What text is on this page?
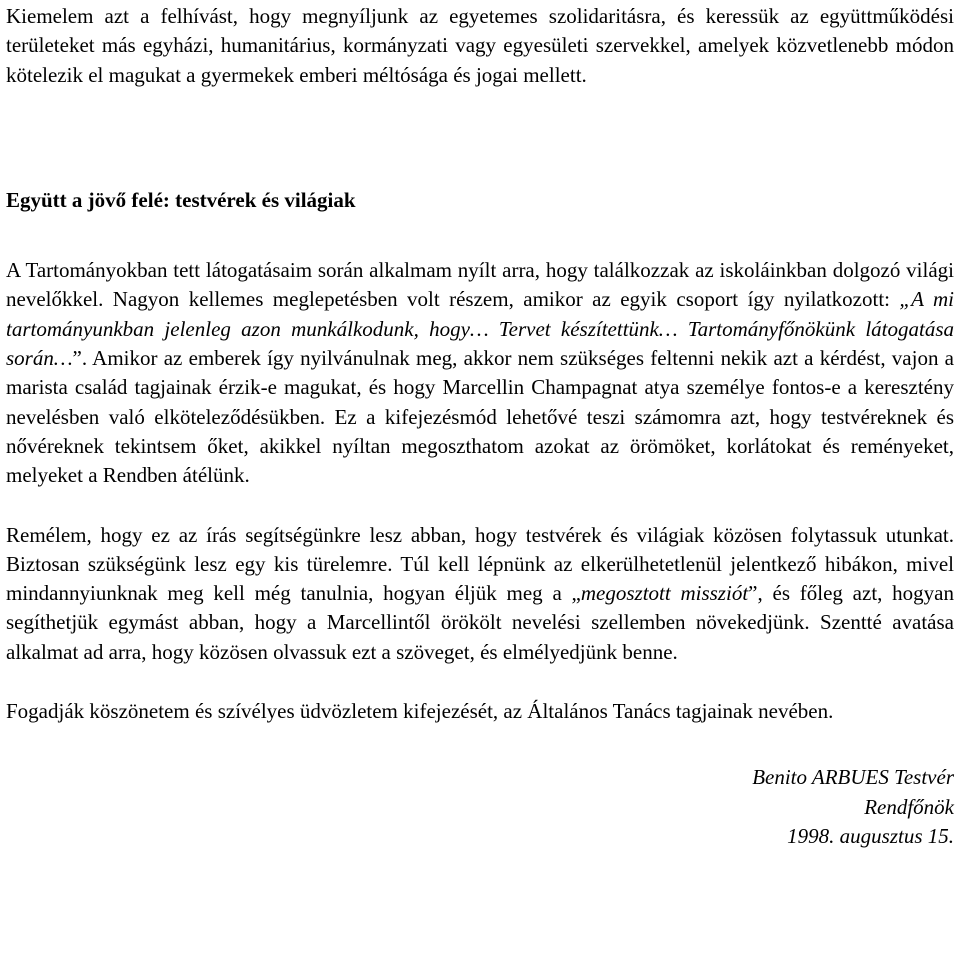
Kiemelem azt a felhívást, hogy megnyíljunk az egyetemes szolidaritásra, és keressük az együttműködési területeket más egyházi, humanitárius, kormányzati vagy egyesületi szervekkel, amelyek közvetlenebb módon kötelezik el magukat a gyermekek emberi méltósága és jogai mellett.

Együtt a jövő felé: testvérek és világiak

A Tartományokban tett látogatásaim során alkalmam nyílt arra, hogy találkozzak az iskoláinkban dolgozó világi nevelőkkel. Nagyon kellemes meglepetésben volt részem, amikor az egyik csoport így nyilatkozott: „A mi tartományunkban jelenleg azon munkálkodunk, hogy… Tervet készítettünk… Tartományfőnökünk látogatása során…”. Amikor az emberek így nyilvánulnak meg, akkor nem szükséges feltenni nekik azt a kérdést, vajon a marista család tagjainak érzik-e magukat, és hogy Marcellin Champagnat atya személye fontos-e a keresztény nevelésben való elköteleződésükben. Ez a kifejezésmód lehetővé teszi számomra azt, hogy testvéreknek és nővéreknek tekintsem őket, akikkel nyíltan megoszthatom azokat az örömöket, korlátokat és reményeket, melyeket a Rendben átélünk.

Remélem, hogy ez az írás segítségünkre lesz abban, hogy testvérek és világiak közösen folytassuk utunkat. Biztosan szükségünk lesz egy kis türelemre. Túl kell lépnünk az elkerülhetetlenül jelentkező hibákon, mivel mindannyiunknak meg kell még tanulnia, hogyan éljük meg a „megosztott missziót”, és főleg azt, hogyan segíthetjük egymást abban, hogy a Marcellintől örökölt nevelési szellemben növekedjünk. Szentté avatása alkalmat ad arra, hogy közösen olvassuk ezt a szöveget, és elmélyedjünk benne.

Fogadják köszönetem és szívélyes üdvözletem kifejezését, az Általános Tanács tagjainak nevében.

Benito ARBUES Testvér
Rendfőnök
1998. augusztus 15.
